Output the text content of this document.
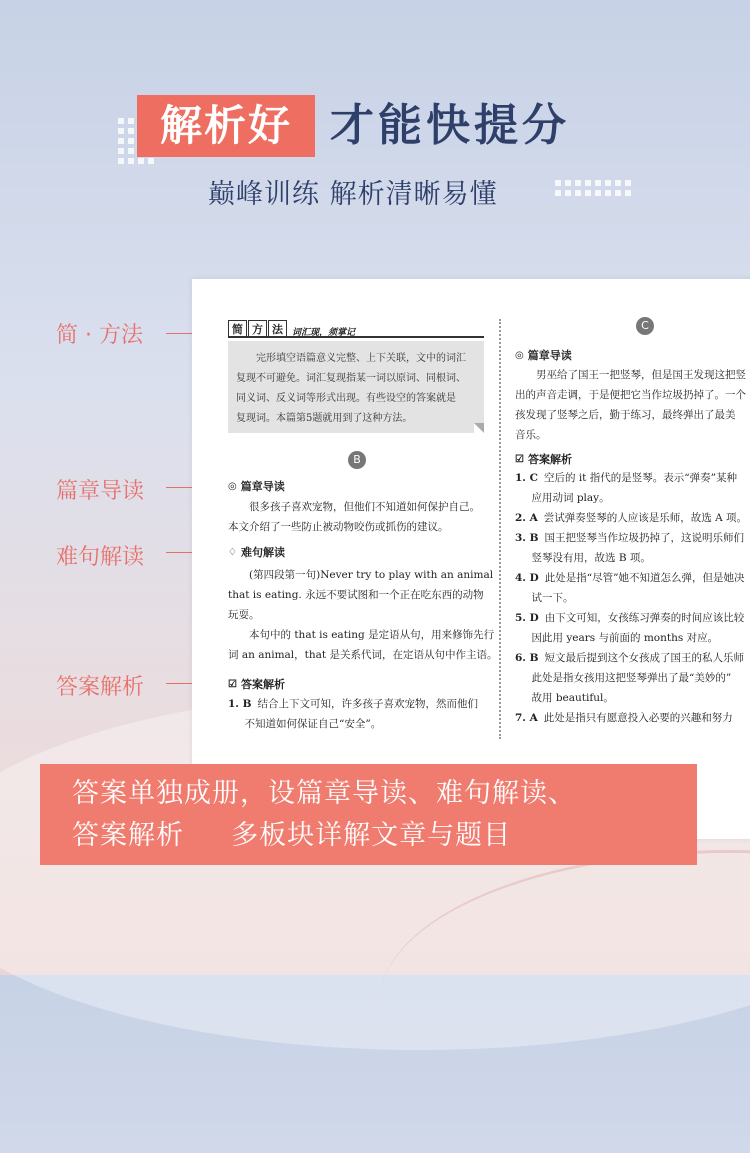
解析好 才能快提分
巅峰训练 解析清晰易懂
简 · 方法
篇章导读
难句解读
答案解析
简 方 法	词汇现，须掌记
　　完形填空语篇意义完整、上下关联，文中的词汇
复现不可避免。词汇复现指某一词以原词、同根词、
同义词、反义词等形式出现。有些设空的答案就是
复现词。本篇第5题就用到了这种方法。
B
◎ 篇章导读
　　很多孩子喜欢宠物，但他们不知道如何保护自己。
本文介绍了一些防止被动物咬伤或抓伤的建议。
♢ 难句解读
　　(第四段第一句)Never try to play with an animal
that is eating. 永远不要试图和一个正在吃东西的动物
玩耍。
　　本句中的 that is eating 是定语从句，用来修饰先行
词 an animal，that 是关系代词，在定语从句中作主语。
☑ 答案解析
1. B 结合上下文可知，许多孩子喜欢宠物，然而他们
　不知道如何保证自己“安全”。
C
◎ 篇章导读
　　男巫给了国王一把竖琴，但是国王发现这把竖
出的声音走调，于是便把它当作垃圾扔掉了。一个
孩发现了竖琴之后，勤于练习，最终弹出了最美
音乐。
☑ 答案解析
1. C 空后的 it 指代的是竖琴。表示“弹奏”某种
　应用动词 play。
2. A 尝试弹奏竖琴的人应该是乐师，故选 A 项。
3. B 国王把竖琴当作垃圾扔掉了，这说明乐师们
　竖琴没有用，故选 B 项。
4. D 此处是指“尽管”她不知道怎么弹，但是她决
　试一下。
5. D 由下文可知，女孩练习弹奏的时间应该比较
　因此用 years 与前面的 months 对应。
6. B 短文最后提到这个女孩成了国王的私人乐师
　此处是指女孩用这把竖琴弹出了最“美妙的”
　故用 beautiful。
7. A 此处是指只有愿意投入必要的兴趣和努力
答案单独成册，设篇章导读、难句解读、
答案解析　  多板块详解文章与题目
